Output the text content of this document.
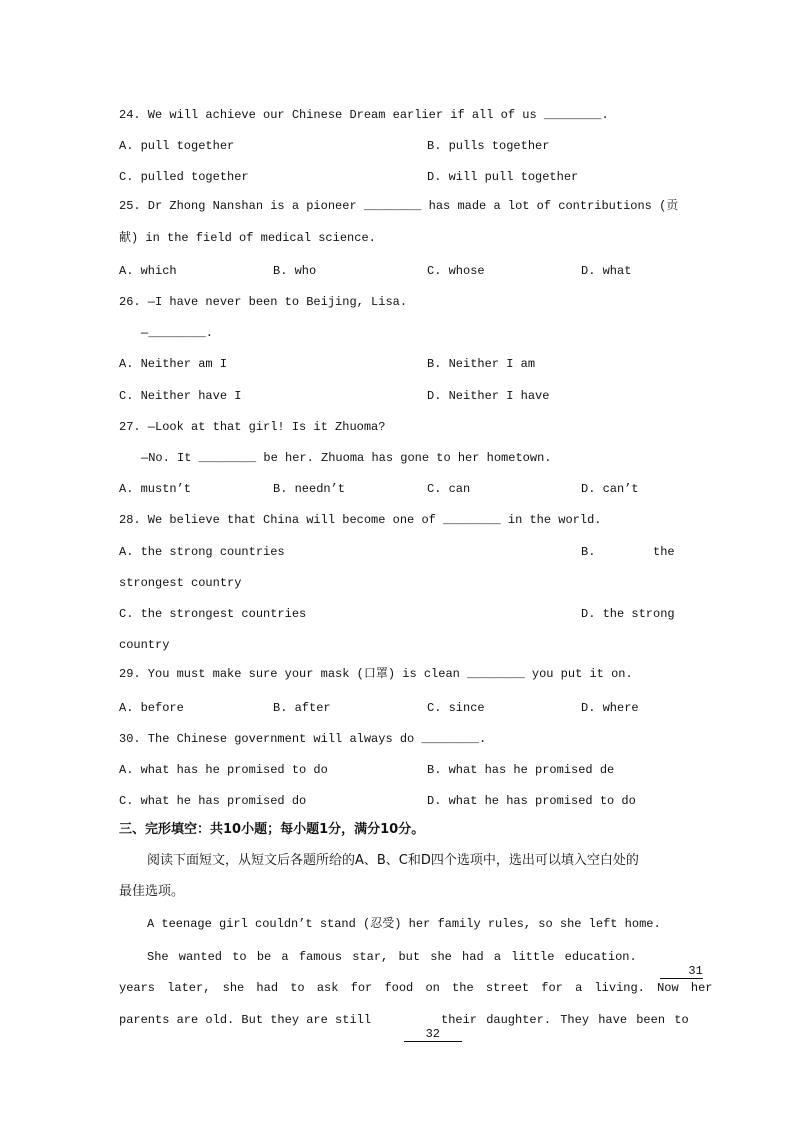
24. We will achieve our Chinese Dream earlier if all of us ________.
A. pull together	B. pulls together
C. pulled together	D. will pull together
25. Dr Zhong Nanshan is a pioneer ________ has made a lot of contributions (贡
献) in the field of medical science.
A. which	B. who	C. whose	D. what
26. —I have never been to Beijing, Lisa.
—________.
A. Neither am I	B. Neither I am
C. Neither have I	D. Neither I have
27. —Look at that girl! Is it Zhuoma?
—No. It ________ be her. Zhuoma has gone to her hometown.
A. mustn’t	B. needn’t	C. can	D. can’t
28. We believe that China will become one of ________ in the world.
A. the strong countries	B.	the
strongest country
C. the strongest countries	D. the strong
country
29. You must make sure your mask (口罩) is clean ________ you put it on.
A. before	B. after	C. since	D. where
30. The Chinese government will always do ________.
A. what has he promised to do	B. what has he promised de
C. what he has promised do	D. what he has promised to do
三、完形填空：共10小题；每小题1分，满分10分。
阅读下面短文，从短文后各题所给的A、B、C和D四个选项中，选出可以填入空白处的
最佳选项。
A teenage girl couldn’t stand (忍受) her family rules, so she left home.
She wanted to be a famous star, but she had a little education.

31

years later, she had to ask for food on the street for a living. Now her
parents are old. But they are still

32

their daughter. They have been to
